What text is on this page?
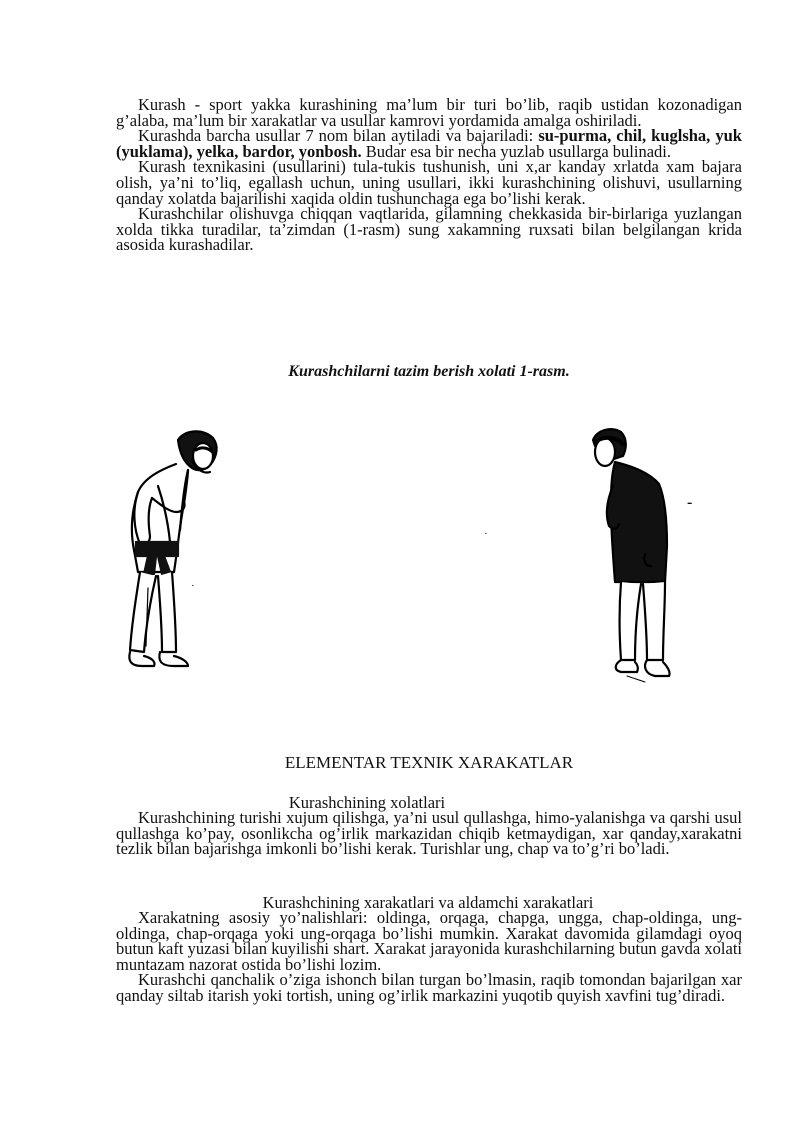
Kurash - sport yakka kurashining ma’lum bir turi bo’lib, raqib ustidan kozonadigan g’alaba, ma’lum bir xarakatlar va usullar kamrovi yordamida amalga oshiriladi.

Kurashda barcha usullar 7 nom bilan aytiladi va bajariladi: su-purma, chil, kuglsha, yuk (yuklama), yelka, bardor, yonbosh. Budar esa bir necha yuzlab usullarga bulinadi.

Kurash texnikasini (usullarini) tula-tukis tushunish, uni x,ar kanday xrlatda xam bajara olish, ya’ni to’liq, egallash uchun, uning usullari, ikki kurashchining olishuvi, usullarning qanday xolatda bajarilishi xaqida oldin tushunchaga ega bo’lishi kerak.

Kurashchilar olishuvga chiqqan vaqtlarida, gilamning chekkasida bir-birlariga yuzlangan xolda tikka turadilar, ta’zimdan (1-rasm) sung xakamning ruxsati bilan belgilangan krida asosida kurashadilar.

Kurashchilarni tazim berish xolati 1-rasm.
·
·
-
ELEMENTAR TEXNIK XARAKATLAR
Kurashchining xolatlari

Kurashchining turishi xujum qilishga, ya’ni usul qullashga, himo-yalanishga va qarshi usul qullashga ko’pay, osonlikcha og’irlik markazidan chiqib ketmaydigan, xar qanday,xarakatni tezlik bilan bajarishga imkonli bo’lishi kerak. Turishlar ung, chap va to’g’ri bo’ladi.

Kurashchining xarakatlari va aldamchi xarakatlari

Xarakatning asosiy yo’nalishlari: oldinga, orqaga, chapga, ungga, chap-oldinga, ung-oldinga, chap-orqaga yoki ung-orqaga bo’lishi mumkin. Xarakat davomida gilamdagi oyoq butun kaft yuzasi bilan kuyilishi shart. Xarakat jarayonida kurashchilarning butun gavda xolati muntazam nazorat ostida bo’lishi lozim.

Kurashchi qanchalik o’ziga ishonch bilan turgan bo’lmasin, raqib tomondan bajarilgan xar qanday siltab itarish yoki tortish, uning og’irlik markazini yuqotib quyish xavfini tug’diradi.
